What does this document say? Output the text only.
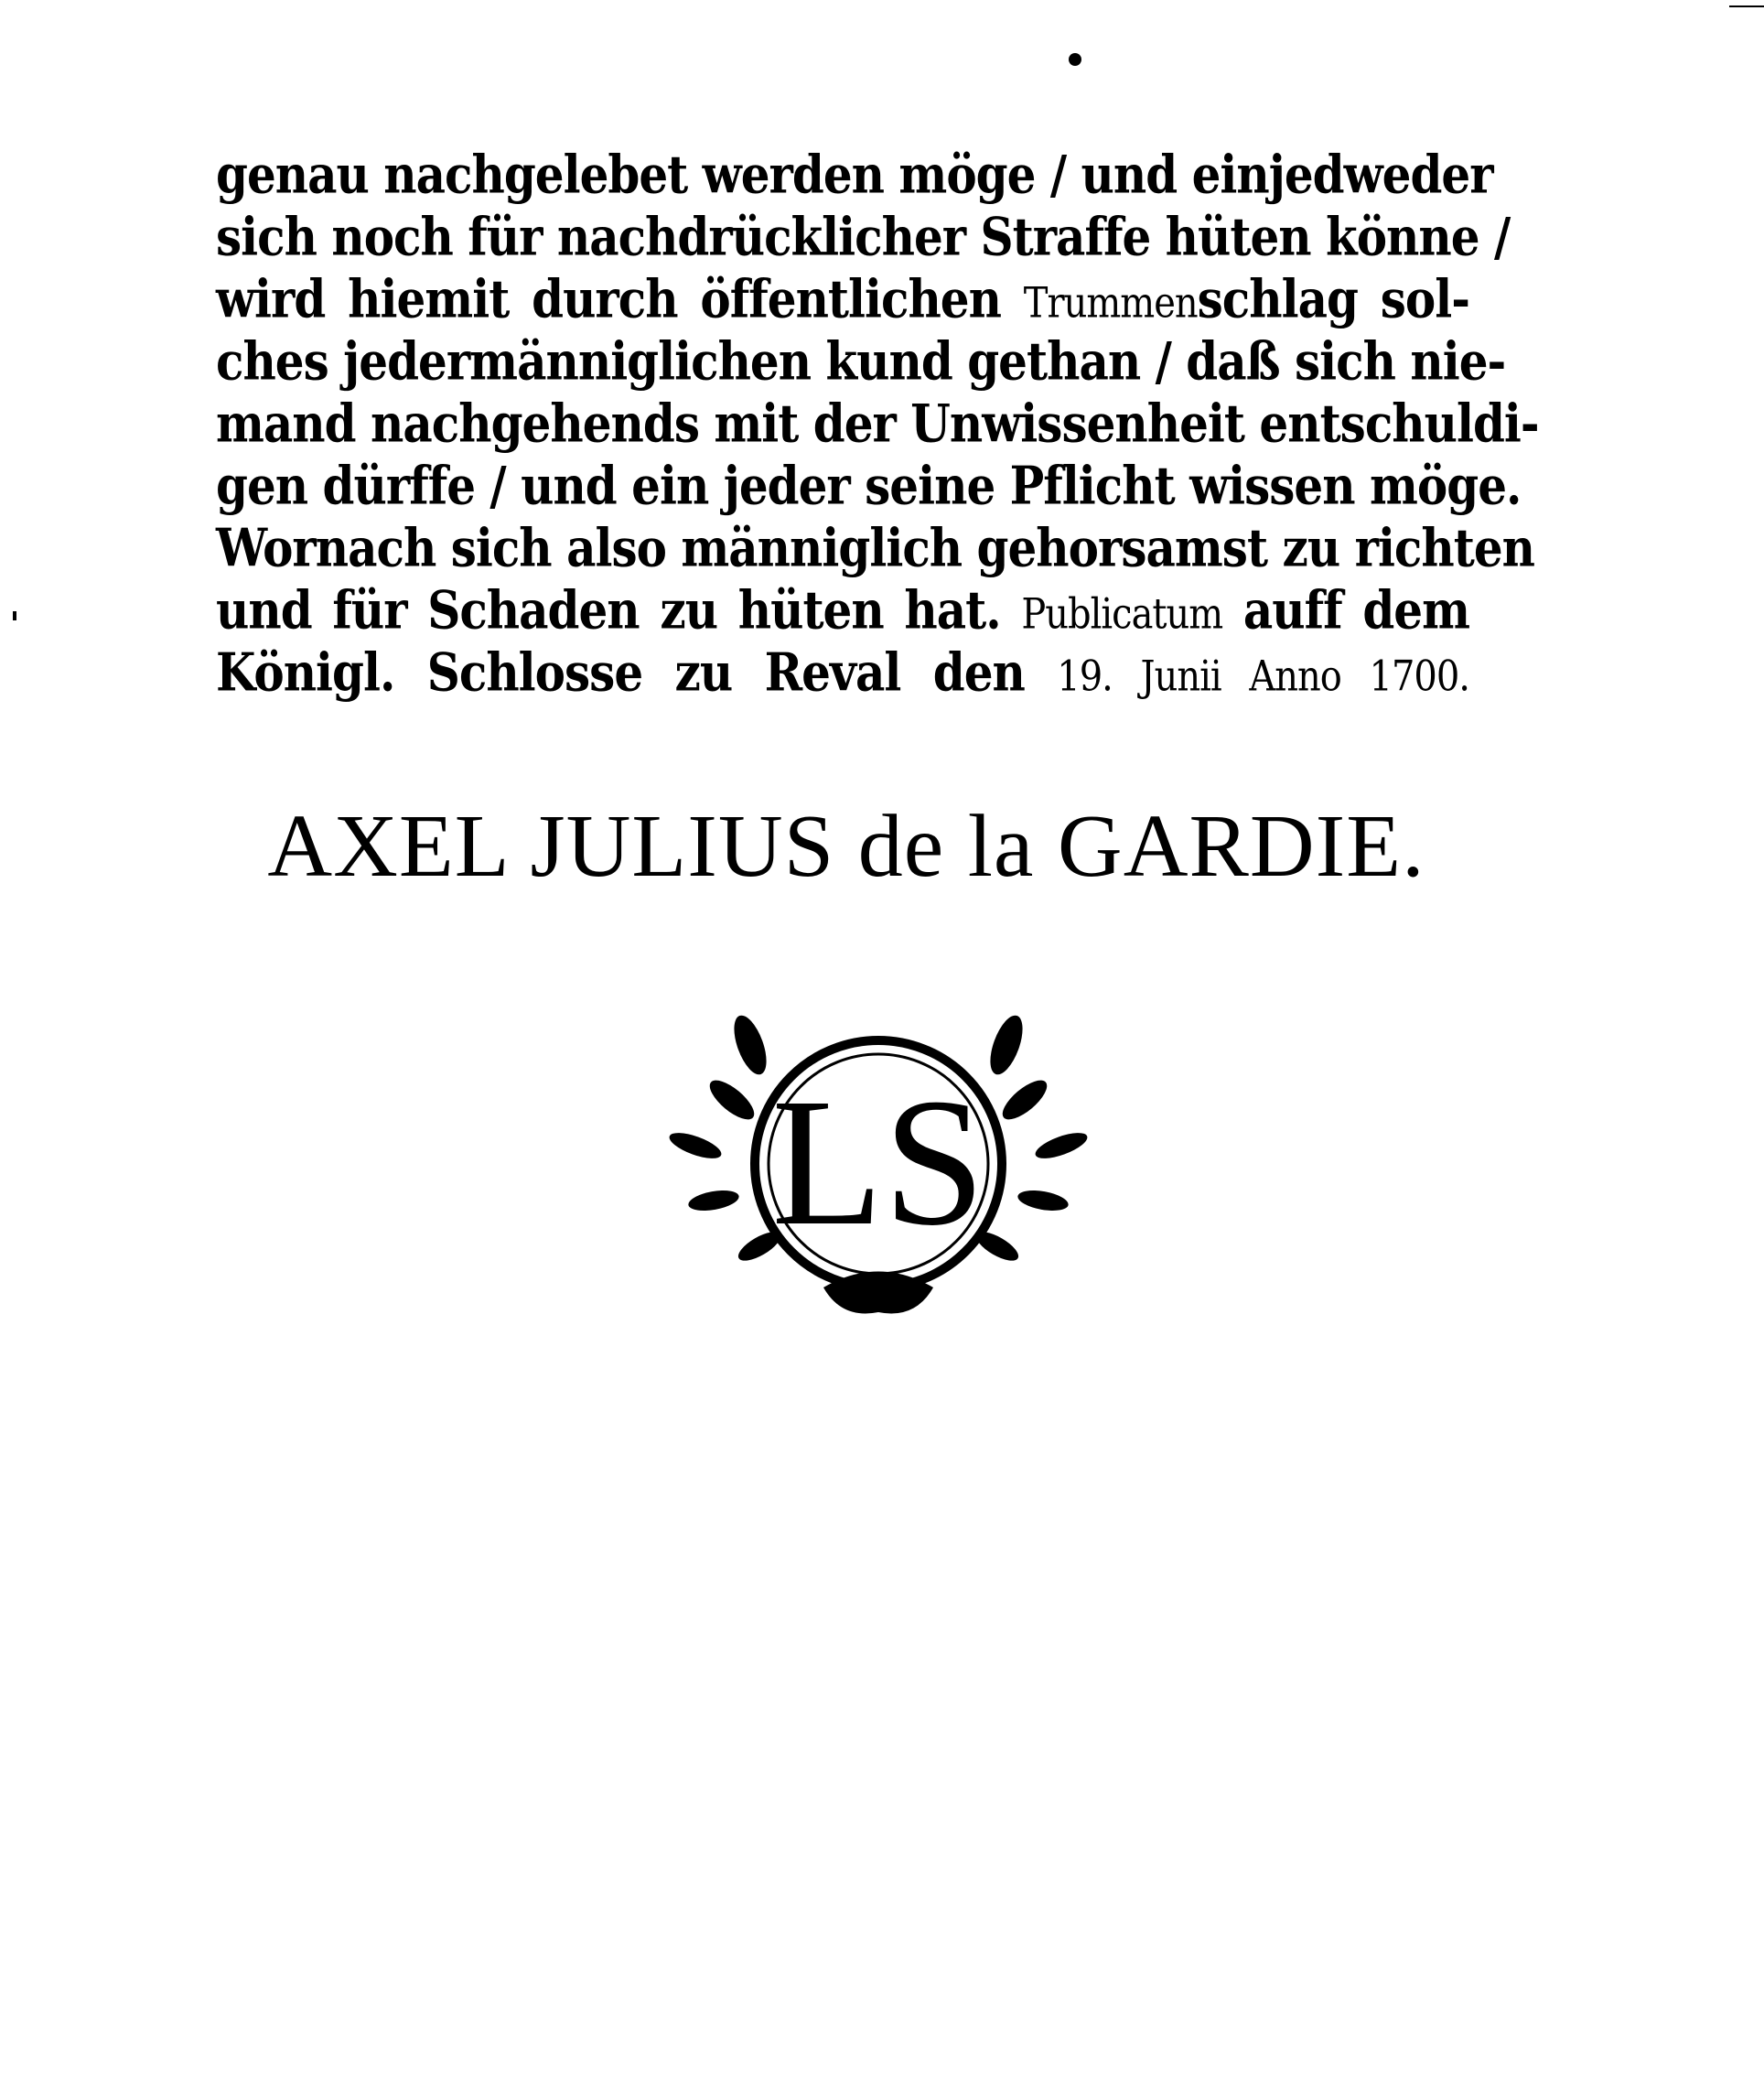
genau nachgelebet werden möge / und einjedweder
sich noch für nachdrücklicher Straffe hüten könne /
wird hiemit durch öffentlichen Trummenschlag sol-
ches jedermänniglichen kund gethan / daß sich nie-
mand nachgehends mit der Unwissenheit entschuldi-
gen dürffe / und ein jeder seine Pflicht wissen möge.
Wornach sich also männiglich gehorsamst zu richten
und für Schaden zu hüten hat. Publicatum auff dem
Königl. Schlosse zu Reval den 19. Junii Anno 1700.
AXEL JULIUS de la GARDIE.
LS
